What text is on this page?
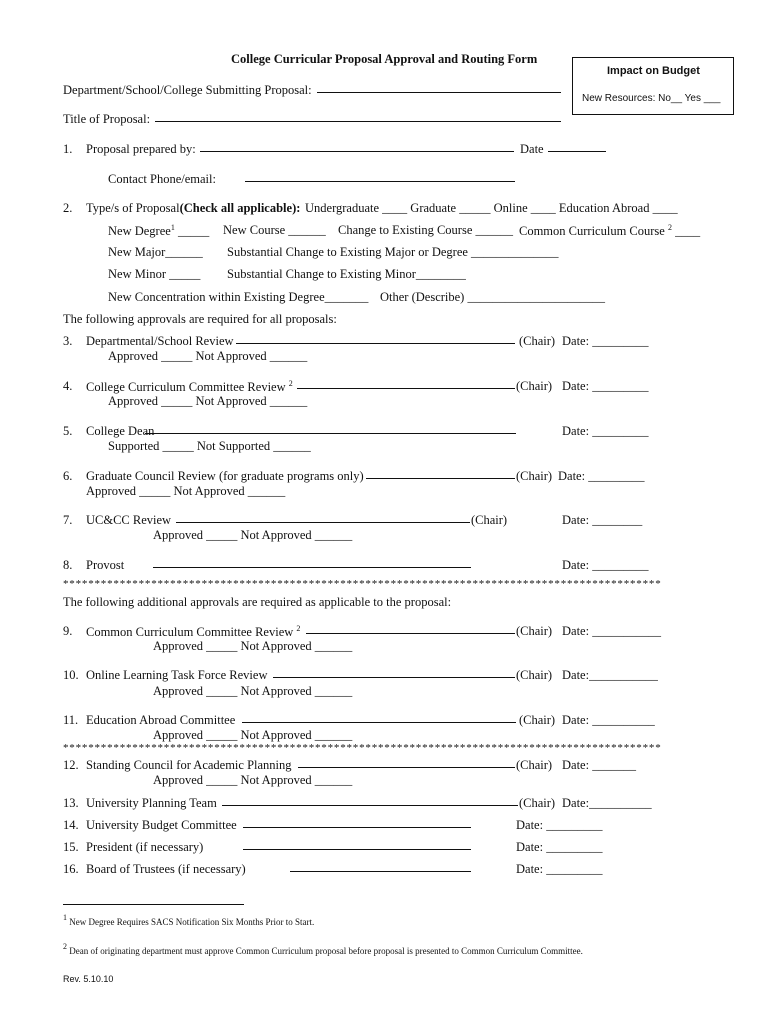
College Curricular Proposal Approval and Routing Form
Impact on Budget
New Resources: No__ Yes ___
Department/School/College Submitting Proposal:
Title of Proposal:
1. Proposal prepared by:	Date
Contact Phone/email:
2. Type/s of Proposal(Check all applicable): Undergraduate ____ Graduate _____ Online ____ Education Abroad ____
New Degree$^1$ _____ New Course ______ Change to Existing Course ______ Common Curriculum Course $^2$ ____
New Major______ Substantial Change to Existing Major or Degree ______________
New Minor _____ Substantial Change to Existing Minor________
New Concentration within Existing Degree_______ Other (Describe) ______________________
The following approvals are required for all proposals:
3. Departmental/School Review	(Chair) Date: _________
Approved _____ Not Approved ______
4. College Curriculum Committee Review $^2$	(Chair) Date: _________
Approved _____ Not Approved ______
5. College Dean	Date: _________
Supported _____ Not Supported ______
6. Graduate Council Review (for graduate programs only)	(Chair) Date: _________
Approved _____ Not Approved ______
7. UC&CC Review	(Chair)	Date: ________
Approved _____ Not Approved ______
8. Provost	Date: _________
***********************************************************************************************
The following additional approvals are required as applicable to the proposal:
9. Common Curriculum Committee Review $^2$	(Chair) Date: ___________
Approved _____ Not Approved ______
10. Online Learning Task Force Review	(Chair) Date:___________
Approved _____ Not Approved ______
11. Education Abroad Committee	(Chair) Date: __________
Approved _____ Not Approved ______
***********************************************************************************************
12. Standing Council for Academic Planning	(Chair) Date: _______
Approved _____ Not Approved ______
13. University Planning Team	(Chair) Date:__________
14. University Budget Committee	Date: _________
15. President (if necessary)	Date: _________
16. Board of Trustees (if necessary)	Date: _________
1 New Degree Requires SACS Notification Six Months Prior to Start.
2 Dean of originating department must approve Common Curriculum proposal before proposal is presented to Common Curriculum Committee.
Rev. 5.10.10
